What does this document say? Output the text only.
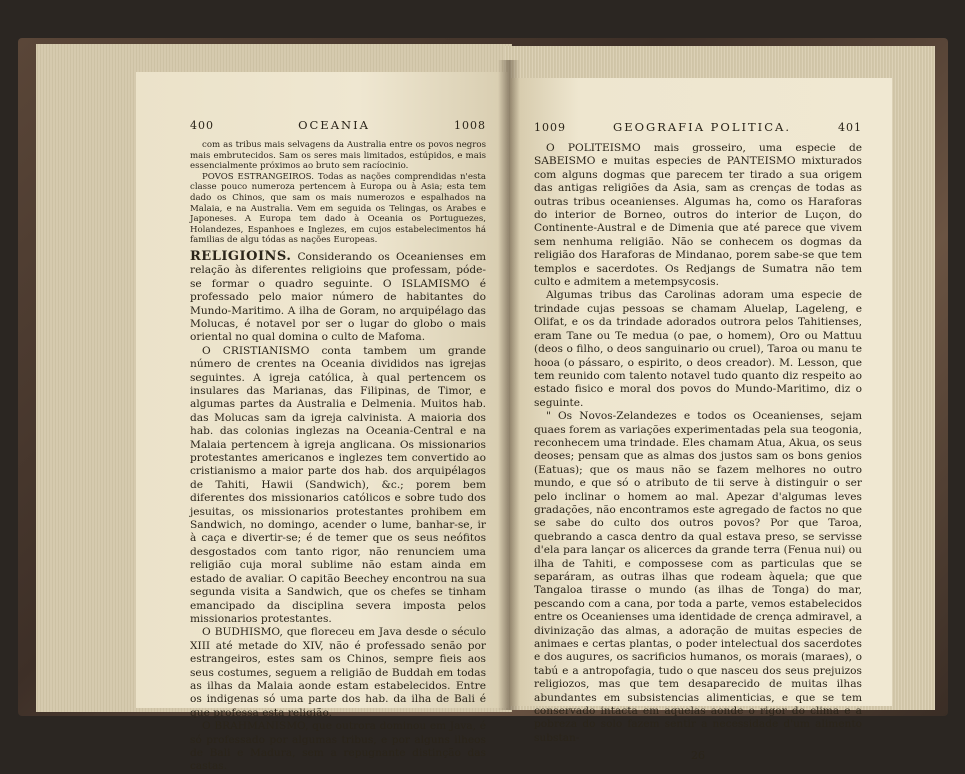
400	OCEANIA	1008

com as tribus mais selvagens da Australia entre os povos negros mais embrutecidos. Sam os seres mais limitados, estúpidos, e mais essencialmente próximos ao bruto sem racíocinio.

POVOS ESTRANGEIROS. Todas as nações comprendidas n'esta classe pouco numeroza pertencem à Europa ou à Asia; esta tem dado os Chinos, que sam os mais numerozos e espalhados na Malaia, e na Australia. Vem em seguida os Telingas, os Arabes e Japoneses. A Europa tem dado à Oceania os Portuguezes, Holandezes, Espanhoes e Inglezes, em cujos estabelecimentos há familias de algu tódas as nações Europeas.

RELIGIOINS. Considerando os Oceanienses em relação às diferentes religioins que professam, póde-se formar o quadro seguinte. O ISLAMISMO é professado pelo maior número de habitantes do Mundo-Maritimo. A ilha de Goram, no arquipélago das Molucas, é notavel por ser o lugar do globo o mais oriental no qual domina o culto de Mafoma.

O CRISTIANISMO conta tambem um grande número de crentes na Oceania divididos nas igrejas seguintes. A igreja católica, à qual pertencem os insulares das Marianas, das Filipinas, de Timor, e algumas partes da Australia e Delmenia. Muitos hab. das Molucas sam da igreja calvinista. A maioria dos hab. das colonias inglezas na Oceania-Central e na Malaia pertencem à igreja anglicana. Os missionarios protestantes americanos e inglezes tem convertido ao cristianismo a maior parte dos hab. dos arquipélagos de Tahiti, Hawii (Sandwich), &c.; porem bem diferentes dos missionarios católicos e sobre tudo dos jesuitas, os missionarios protestantes prohibem em Sandwich, no domingo, acender o lume, banhar-se, ir à caça e divertir-se; é de temer que os seus neófitos desgostados com tanto rigor, não renunciem uma religião cuja moral sublime não estam ainda em estado de avaliar. O capitão Beechey encontrou na sua segunda visita a Sandwich, que os chefes se tinham emancipado da disciplina severa imposta pelos missionarios protestantes.

O BUDHISMO, que floreceu em Java desde o século XIII até metade do XIV, não é professado senão por estrangeiros, estes sam os Chinos, sempre fieis aos seus costumes, seguem a religião de Buddah em todas as ilhas da Malaia aonde estam estabelecidos. Entre os indigenas só uma parte dos hab. da ilha de Bali é que professa esta religião.

O BRAHMANISMO, que outrora dominou em Java, é só professado por algumas tribus, e por alguns ilheos de Bali e Madura, sem a repugnante distinção das castas.

1009	GEOGRAFIA POLITICA.	401

O POLITEISMO mais grosseiro, uma especie de SABEISMO e muitas especies de PANTEISMO mixturados com alguns dogmas que parecem ter tirado a sua origem das antigas religiões da Asia, sam as crenças de todas as outras tribus oceanienses. Algumas ha, como os Haraforas do interior de Borneo, outros do interior de Luçon, do Continente-Austral e de Dimenia que até parece que vivem sem nenhuma religião. Não se conhecem os dogmas da religião dos Haraforas de Mindanao, porem sabe-se que tem templos e sacerdotes. Os Redjangs de Sumatra não tem culto e admitem a metempsycosis.

Algumas tribus das Carolinas adoram uma especie de trindade cujas pessoas se chamam Aluelap, Lageleng, e Olifat, e os da trindade adorados outrora pelos Tahitienses, eram Tane ou Te medua (o pae, o homem), Oro ou Mattuu (deos o filho, o deos sanguinario ou cruel), Taroa ou manu te hooa (o pássaro, o espirito, o deos creador). M. Lesson, que tem reunido com talento notavel tudo quanto diz respeito ao estado fisico e moral dos povos do Mundo-Maritimo, diz o seguinte.

" Os Novos-Zelandezes e todos os Oceanienses, sejam quaes forem as variações experimentadas pela sua teogonia, reconhecem uma trindade. Eles chamam Atua, Akua, os seus deoses; pensam que as almas dos justos sam os bons genios (Eatuas); que os maus não se fazem melhores no outro mundo, e que só o atributo de tii serve à distinguir o ser pelo inclinar o homem ao mal. Apezar d'algumas leves gradações, não encontramos este agregado de factos no que se sabe do culto dos outros povos? Por que Taroa, quebrando a casca dentro da qual estava preso, se servisse d'ela para lançar os alicerces da grande terra (Fenua nui) ou ilha de Tahiti, e compossese com as particulas que se separáram, as outras ilhas que rodeam àquela; que que Tangaloa tirasse o mundo (as ilhas de Tonga) do mar, pescando com a cana, por toda a parte, vemos estabelecidos entre os Oceanienses uma identidade de crença admiravel, a divinização das almas, a adoração de muitas especies de animaes e certas plantas, o poder intelectual dos sacerdotes e dos augures, os sacrificios humanos, os morais (maraes), o tabú e a antropofagia, tudo o que nasceu dos seus prejuizos religiozos, mas que tem desaparecido de muitas ilhas abundantes em subsistencias alimenticias, e que se tem conservado intacta em aquelas aonde o rigor do clima e a pobreza do solo fazem sentir a necessidade d'um alimento substan-

26
